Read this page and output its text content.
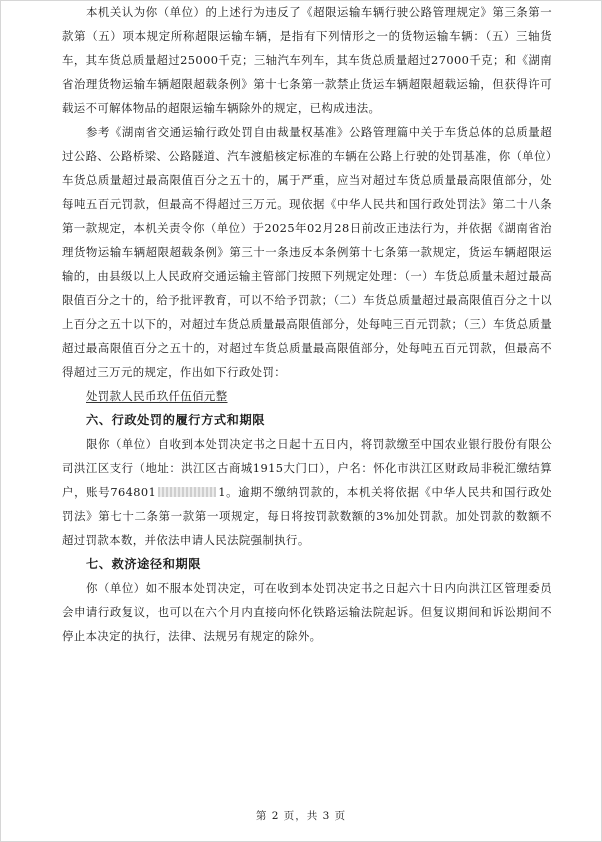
本机关认为你（单位）的上述行为违反了《超限运输车辆行驶公路管理规定》第三条第一款第（五）项本规定所称超限运输车辆，是指有下列情形之一的货物运输车辆：（五）三轴货车，其车货总质量超过25000千克；三轴汽车列车，其车货总质量超过27000千克；和《湖南省治理货物运输车辆超限超载条例》第十七条第一款禁止货运车辆超限超载运输，但获得许可载运不可解体物品的超限运输车辆除外的规定，已构成违法。

参考《湖南省交通运输行政处罚自由裁量权基准》公路管理篇中关于车货总体的总质量超过公路、公路桥梁、公路隧道、汽车渡船核定标准的车辆在公路上行驶的处罚基准，你（单位）车货总质量超过最高限值百分之五十的，属于严重，应当对超过车货总质量最高限值部分，处每吨五百元罚款，但最高不得超过三万元。现依据《中华人民共和国行政处罚法》第二十八条第一款规定，本机关责令你（单位）于2025年02月28日前改正违法行为，并依据《湖南省治理货物运输车辆超限超载条例》第三十一条违反本条例第十七条第一款规定，货运车辆超限运输的，由县级以上人民政府交通运输主管部门按照下列规定处理：（一）车货总质量未超过最高限值百分之十的，给予批评教育，可以不给予罚款；（二）车货总质量超过最高限值百分之十以上百分之五十以下的，对超过车货总质量最高限值部分，处每吨三百元罚款；（三）车货总质量超过最高限值百分之五十的，对超过车货总质量最高限值部分，处每吨五百元罚款，但最高不得超过三万元的规定，作出如下行政处罚：

处罚款人民币玖仟伍佰元整

六、行政处罚的履行方式和期限

限你（单位）自收到本处罚决定书之日起十五日内，将罚款缴至中国农业银行股份有限公司洪江区支行（地址：洪江区古商城1915大门口），户名：怀化市洪江区财政局非税汇缴结算户，账号764801	1。逾期不缴纳罚款的，本机关将依据《中华人民共和国行政处罚法》第七十二条第一款第一项规定，每日将按罚款数额的3%加处罚款。加处罚款的数额不超过罚款本数，并依法申请人民法院强制执行。

七、救济途径和期限

你（单位）如不服本处罚决定，可在收到本处罚决定书之日起六十日内向洪江区管理委员会申请行政复议，也可以在六个月内直接向怀化铁路运输法院起诉。但复议期间和诉讼期间不停止本决定的执行，法律、法规另有规定的除外。

第 2 页，共 3 页
